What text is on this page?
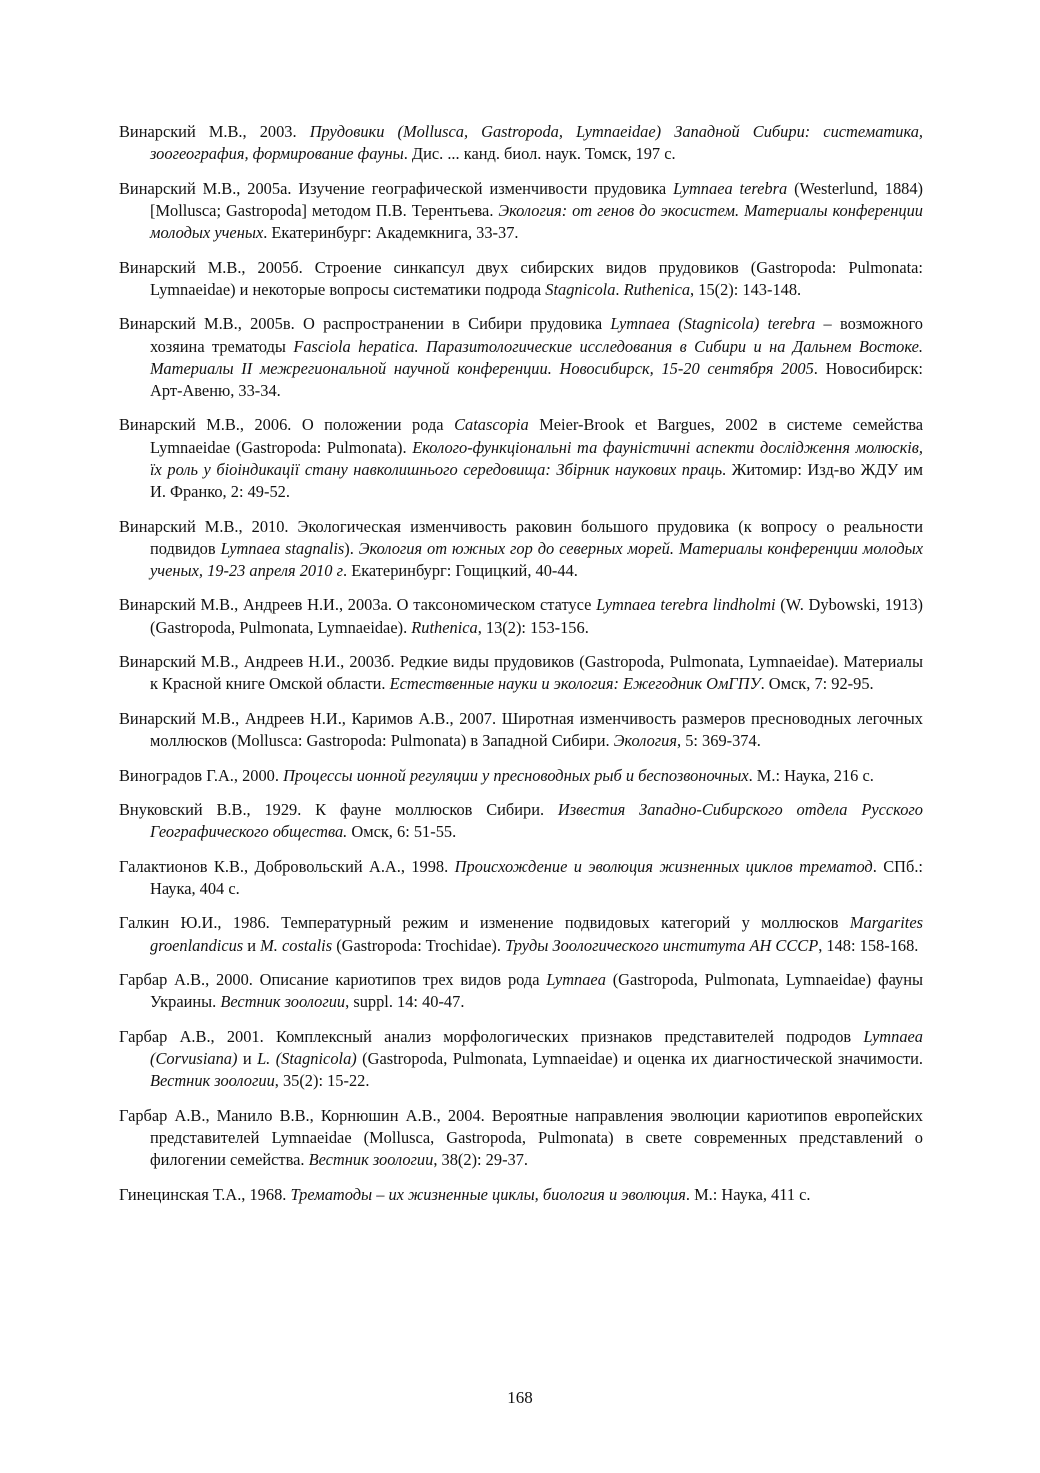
Винарский М.В., 2003. Прудовики (Mollusca, Gastropoda, Lymnaeidae) Западной Сибири: систематика, зоогеография, формирование фауны. Дис. ... канд. биол. наук. Томск, 197 с.

Винарский М.В., 2005а. Изучение географической изменчивости прудовика Lymnaea terebra (Westerlund, 1884) [Mollusca; Gastropoda] методом П.В. Терентьева. Экология: от генов до экосистем. Материалы конференции молодых ученых. Екатеринбург: Академкнига, 33-37.

Винарский М.В., 2005б. Строение синкапсул двух сибирских видов прудовиков (Gastropoda: Pulmonata: Lymnaeidae) и некоторые вопросы систематики подрода Stagnicola. Ruthenica, 15(2): 143-148.

Винарский М.В., 2005в. О распространении в Сибири прудовика Lymnaea (Stagnicola) terebra – возможного хозяина трематоды Fasciola hepatica. Паразитологические исследования в Сибири и на Дальнем Востоке. Материалы II межрегиональной научной конференции. Новосибирск, 15-20 сентября 2005. Новосибирск: Арт-Авеню, 33-34.

Винарский М.В., 2006. О положении рода Catascopia Meier-Brook et Bargues, 2002 в системе семейства Lymnaeidae (Gastropoda: Pulmonata). Еколого-функціональні та фауністичні аспекти дослідження молюсків, їх роль у біоіндикації стану навколишнього середовища: Збірник наукових праць. Житомир: Изд-во ЖДУ им И. Франко, 2: 49-52.

Винарский М.В., 2010. Экологическая изменчивость раковин большого прудовика (к вопросу о реальности подвидов Lymnaea stagnalis). Экология от южных гор до северных морей. Материалы конференции молодых ученых, 19-23 апреля 2010 г. Екатеринбург: Гощицкий, 40-44.

Винарский М.В., Андреев Н.И., 2003а. О таксономическом статусе Lymnaea terebra lindholmi (W. Dybowski, 1913) (Gastropoda, Pulmonata, Lymnaeidae). Ruthenica, 13(2): 153-156.

Винарский М.В., Андреев Н.И., 2003б. Редкие виды прудовиков (Gastropoda, Pulmonata, Lymnaeidae). Материалы к Красной книге Омской области. Естественные науки и экология: Ежегодник ОмГПУ. Омск, 7: 92-95.

Винарский М.В., Андреев Н.И., Каримов А.В., 2007. Широтная изменчивость размеров пресноводных легочных моллюсков (Mollusca: Gastropoda: Pulmonata) в Западной Сибири. Экология, 5: 369-374.

Виноградов Г.А., 2000. Процессы ионной регуляции у пресноводных рыб и беспозвоночных. М.: Наука, 216 с.

Внуковский В.В., 1929. К фауне моллюсков Сибири. Известия Западно-Сибирского отдела Русского Географического общества. Омск, 6: 51-55.

Галактионов К.В., Добровольский А.А., 1998. Происхождение и эволюция жизненных циклов трематод. СПб.: Наука, 404 с.

Галкин Ю.И., 1986. Температурный режим и изменение подвидовых категорий у моллюсков Margarites groenlandicus и M. costalis (Gastropoda: Trochidae). Труды Зоологического института АН СССР, 148: 158-168.

Гарбар А.В., 2000. Описание кариотипов трех видов рода Lymnaea (Gastropoda, Pulmonata, Lymnaeidae) фауны Украины. Вестник зоологии, suppl. 14: 40-47.

Гарбар А.В., 2001. Комплексный анализ морфологических признаков представителей подродов Lymnaea (Corvusiana) и L. (Stagnicola) (Gastropoda, Pulmonata, Lymnaeidae) и оценка их диагностической значимости. Вестник зоологии, 35(2): 15-22.

Гарбар А.В., Манило В.В., Корнюшин А.В., 2004. Вероятные направления эволюции кариотипов европейских представителей Lymnaeidae (Mollusca, Gastropoda, Pulmonata) в свете современных представлений о филогении семейства. Вестник зоологии, 38(2): 29-37.

Гинецинская Т.А., 1968. Трематоды – их жизненные циклы, биология и эволюция. М.: Наука, 411 с.

168
